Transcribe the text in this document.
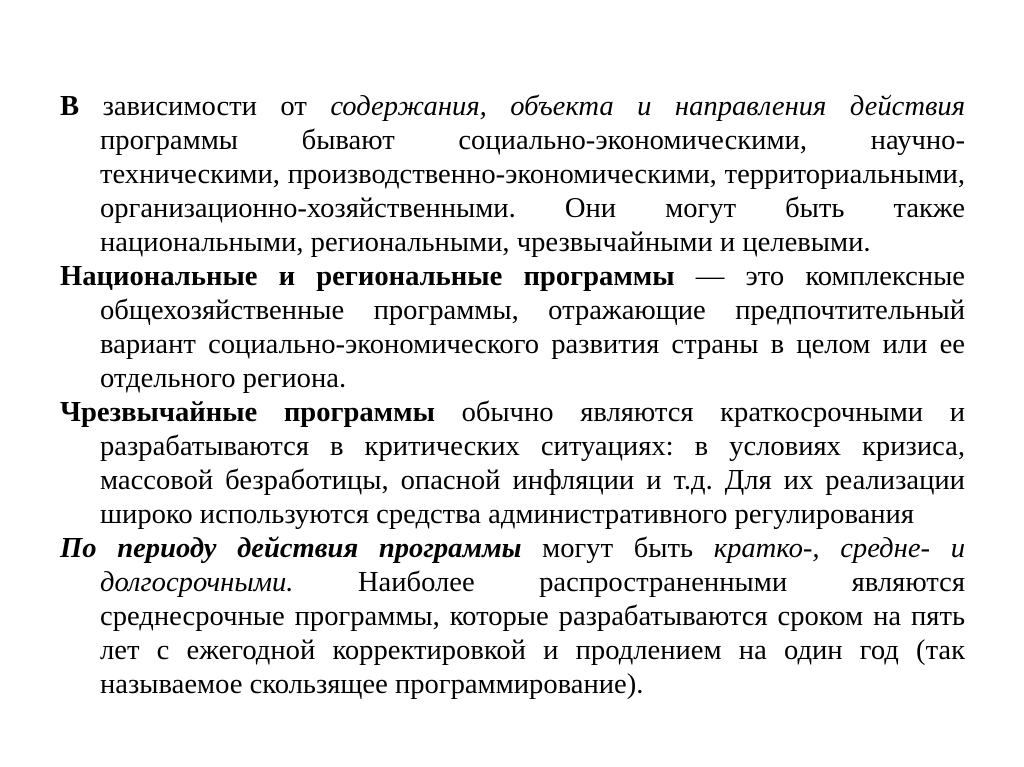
В зависимости от содержания, объекта и направления действия программы бывают социально-экономическими, научно-техническими, производственно-экономическими, территориальными, организационно-хозяйственными. Они могут быть также национальными, региональными, чрезвычайными и целевыми.

Национальные и региональные программы — это комплексные общехозяйственные программы, отражающие предпочтительный вариант социально-экономического развития страны в целом или ее отдельного региона.

Чрезвычайные программы обычно являются краткосрочными и разрабатываются в критических ситуациях: в условиях кризиса, массовой безработицы, опасной инфляции и т.д. Для их реализации широко используются средства административного регулирования

По периоду действия программы могут быть кратко-, средне- и долгосрочными. Наиболее распространенными являются среднесрочные программы, которые разрабатываются сроком на пять лет с ежегодной корректировкой и продлением на один год (так называемое скользящее программирование).
